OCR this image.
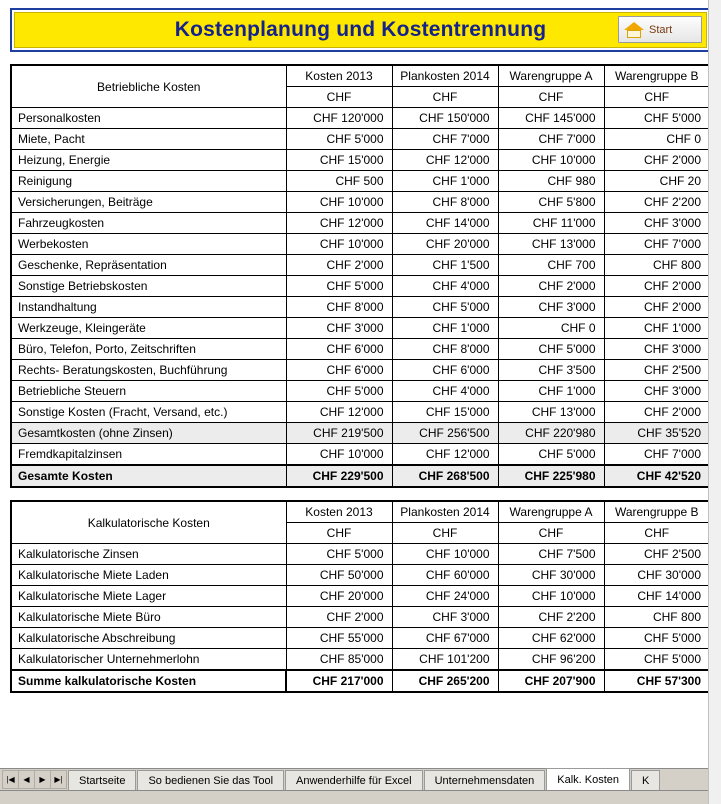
Kostenplanung und Kostentrennung	Start
Betriebliche Kosten	Kosten 2013	Plankosten 2014	Warengruppe A	Warengruppe B
	CHF	CHF	CHF	CHF
Personalkosten	CHF 120'000	CHF 150'000	CHF 145'000	CHF 5'000
Miete, Pacht	CHF 5'000	CHF 7'000	CHF 7'000	CHF 0
Heizung, Energie	CHF 15'000	CHF 12'000	CHF 10'000	CHF 2'000
Reinigung	CHF 500	CHF 1'000	CHF 980	CHF 20
Versicherungen, Beiträge	CHF 10'000	CHF 8'000	CHF 5'800	CHF 2'200
Fahrzeugkosten	CHF 12'000	CHF 14'000	CHF 11'000	CHF 3'000
Werbekosten	CHF 10'000	CHF 20'000	CHF 13'000	CHF 7'000
Geschenke, Repräsentation	CHF 2'000	CHF 1'500	CHF 700	CHF 800
Sonstige Betriebskosten	CHF 5'000	CHF 4'000	CHF 2'000	CHF 2'000
Instandhaltung	CHF 8'000	CHF 5'000	CHF 3'000	CHF 2'000
Werkzeuge, Kleingeräte	CHF 3'000	CHF 1'000	CHF 0	CHF 1'000
Büro, Telefon, Porto, Zeitschriften	CHF 6'000	CHF 8'000	CHF 5'000	CHF 3'000
Rechts- Beratungskosten, Buchführung	CHF 6'000	CHF 6'000	CHF 3'500	CHF 2'500
Betriebliche Steuern	CHF 5'000	CHF 4'000	CHF 1'000	CHF 3'000
Sonstige Kosten (Fracht, Versand, etc.)	CHF 12'000	CHF 15'000	CHF 13'000	CHF 2'000
Gesamtkosten (ohne Zinsen)	CHF 219'500	CHF 256'500	CHF 220'980	CHF 35'520
Fremdkapitalzinsen	CHF 10'000	CHF 12'000	CHF 5'000	CHF 7'000
Gesamte Kosten	CHF 229'500	CHF 268'500	CHF 225'980	CHF 42'520
Kalkulatorische Kosten	Kosten 2013	Plankosten 2014	Warengruppe A	Warengruppe B
	CHF	CHF	CHF	CHF
Kalkulatorische Zinsen	CHF 5'000	CHF 10'000	CHF 7'500	CHF 2'500
Kalkulatorische Miete Laden	CHF 50'000	CHF 60'000	CHF 30'000	CHF 30'000
Kalkulatorische Miete Lager	CHF 20'000	CHF 24'000	CHF 10'000	CHF 14'000
Kalkulatorische Miete Büro	CHF 2'000	CHF 3'000	CHF 2'200	CHF 800
Kalkulatorische Abschreibung	CHF 55'000	CHF 67'000	CHF 62'000	CHF 5'000
Kalkulatorischer Unternehmerlohn	CHF 85'000	CHF 101'200	CHF 96'200	CHF 5'000
Summe kalkulatorische Kosten	CHF 217'000	CHF 265'200	CHF 207'900	CHF 57'300
|◀	◀	▶	▶|	Startseite	So bedienen Sie das Tool	Anwenderhilfe für Excel	Unternehmensdaten	Kalk. Kosten	K
